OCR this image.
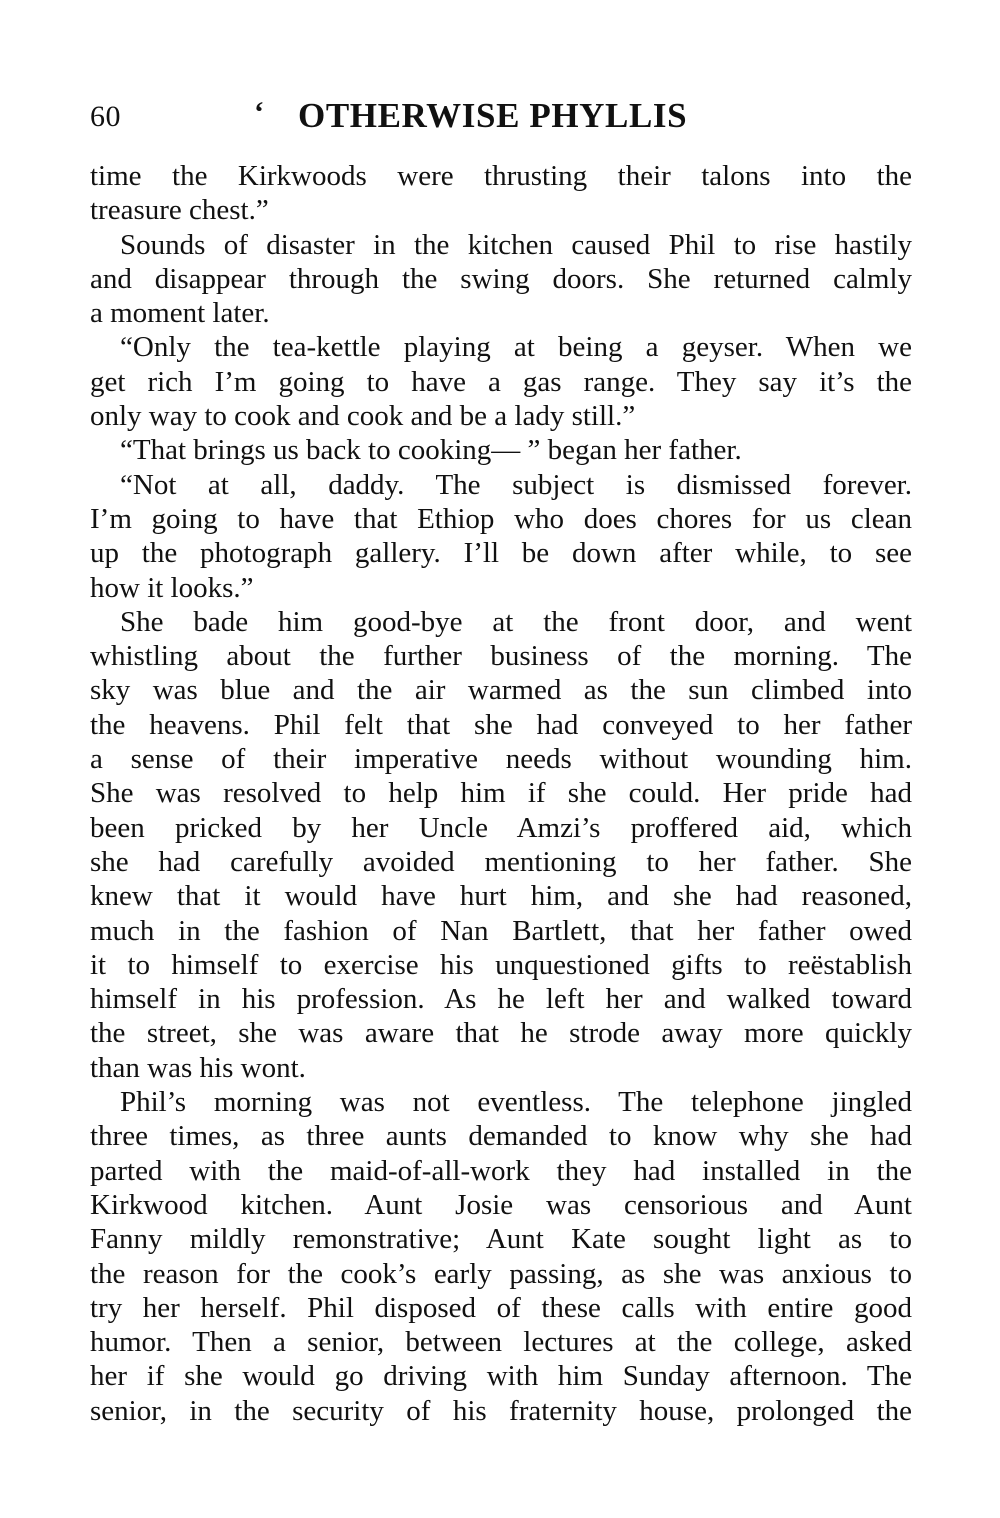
60	‘ OTHERWISE PHYLLIS
time the Kirkwoods were thrusting their talons into the
treasure chest.”
Sounds of disaster in the kitchen caused Phil to rise hastily
and disappear through the swing doors. She returned calmly
a moment later.
“Only the tea-kettle playing at being a geyser. When we
get rich I’m going to have a gas range. They say it’s the
only way to cook and cook and be a lady still.”
“That brings us back to cooking— ” began her father.
“Not at all, daddy. The subject is dismissed forever.
I’m going to have that Ethiop who does chores for us clean
up the photograph gallery. I’ll be down after while, to see
how it looks.”
She bade him good-bye at the front door, and went
whistling about the further business of the morning. The
sky was blue and the air warmed as the sun climbed into
the heavens. Phil felt that she had conveyed to her father
a sense of their imperative needs without wounding him.
She was resolved to help him if she could. Her pride had
been pricked by her Uncle Amzi’s proffered aid, which
she had carefully avoided mentioning to her father. She
knew that it would have hurt him, and she had reasoned,
much in the fashion of Nan Bartlett, that her father owed
it to himself to exercise his unquestioned gifts to reëstablish
himself in his profession. As he left her and walked toward
the street, she was aware that he strode away more quickly
than was his wont.
Phil’s morning was not eventless. The telephone jingled
three times, as three aunts demanded to know why she had
parted with the maid-of-all-work they had installed in the
Kirkwood kitchen. Aunt Josie was censorious and Aunt
Fanny mildly remonstrative; Aunt Kate sought light as to
the reason for the cook’s early passing, as she was anxious to
try her herself. Phil disposed of these calls with entire good
humor. Then a senior, between lectures at the college, asked
her if she would go driving with him Sunday afternoon. The
senior, in the security of his fraternity house, prolonged the
